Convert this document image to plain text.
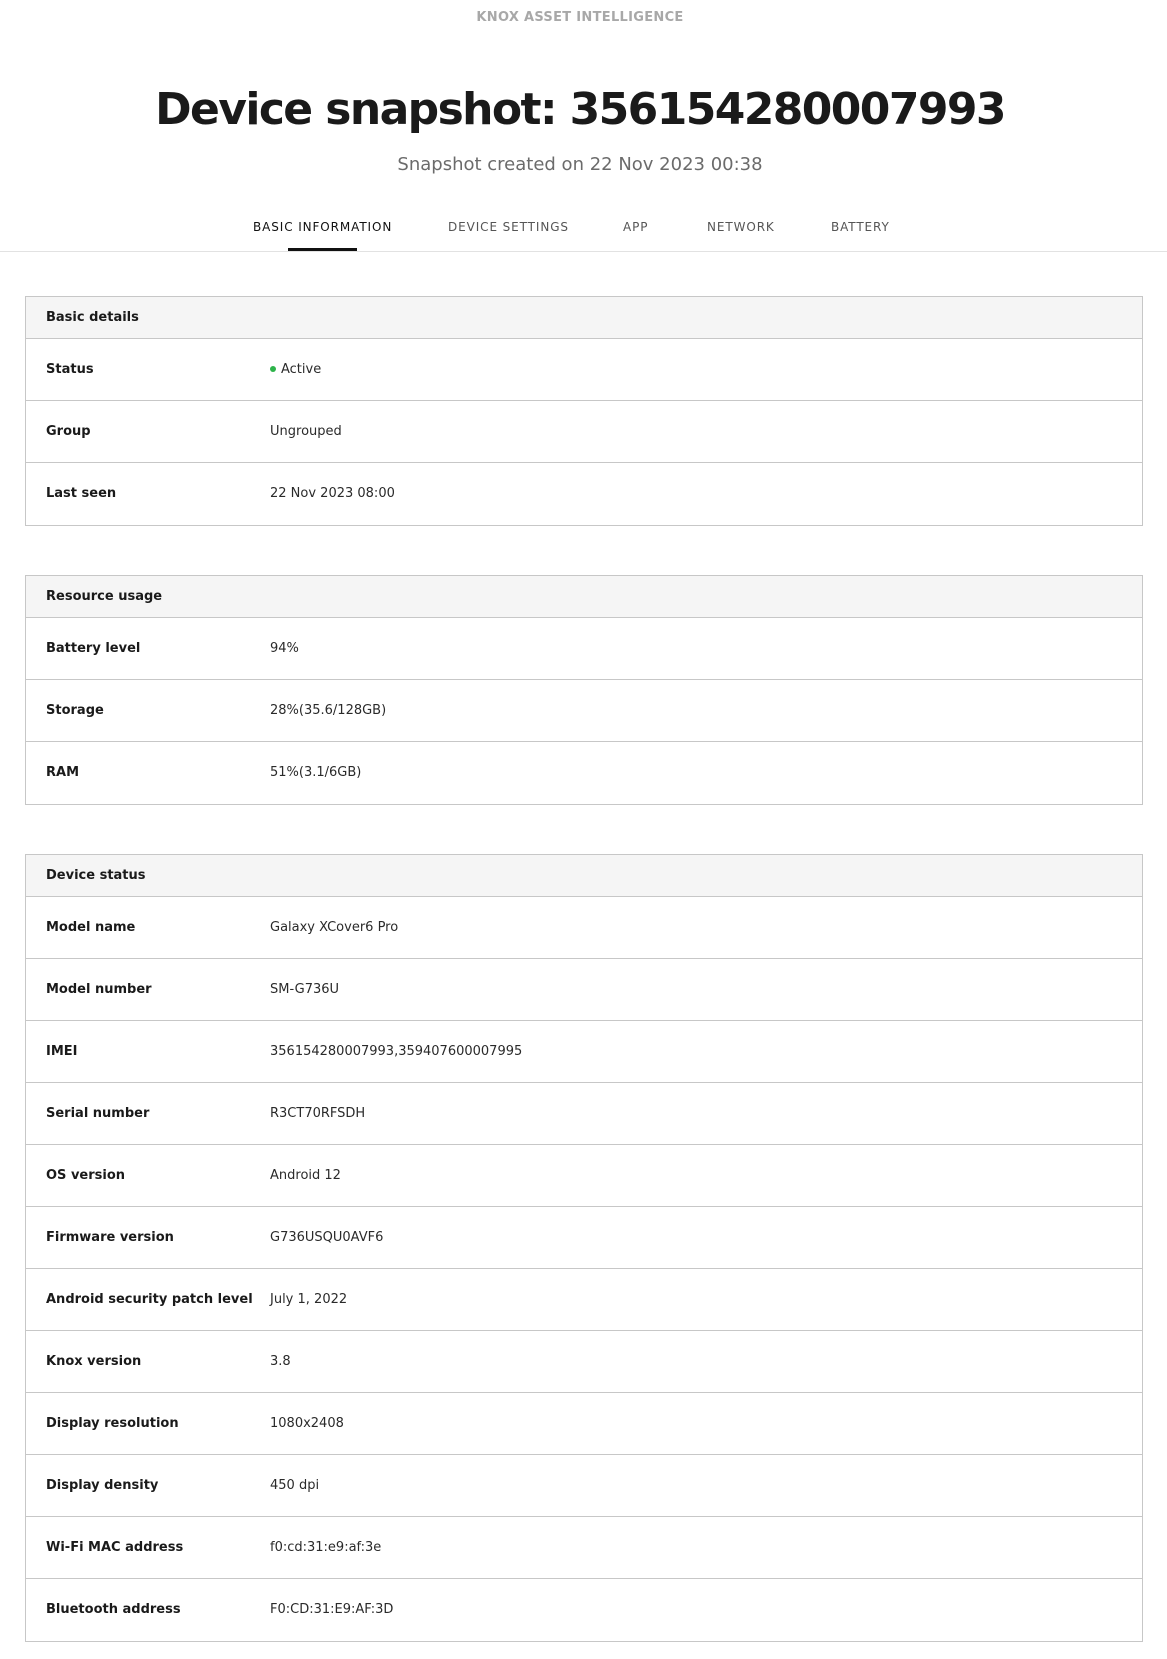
KNOX ASSET INTELLIGENCE
Device snapshot: 356154280007993
Snapshot created on 22 Nov 2023 00:38
BASIC INFORMATION	DEVICE SETTINGS	APP	NETWORK	BATTERY
Basic details
Status	Active
Group	Ungrouped
Last seen	22 Nov 2023 08:00
Resource usage
Battery level	94%
Storage	28%(35.6/128GB)
RAM	51%(3.1/6GB)
Device status
Model name	Galaxy XCover6 Pro
Model number	SM-G736U
IMEI	356154280007993,359407600007995
Serial number	R3CT70RFSDH
OS version	Android 12
Firmware version	G736USQU0AVF6
Android security patch level July 1, 2022
Knox version	3.8
Display resolution	1080x2408
Display density	450 dpi
Wi-Fi MAC address	f0:cd:31:e9:af:3e
Bluetooth address	F0:CD:31:E9:AF:3D
